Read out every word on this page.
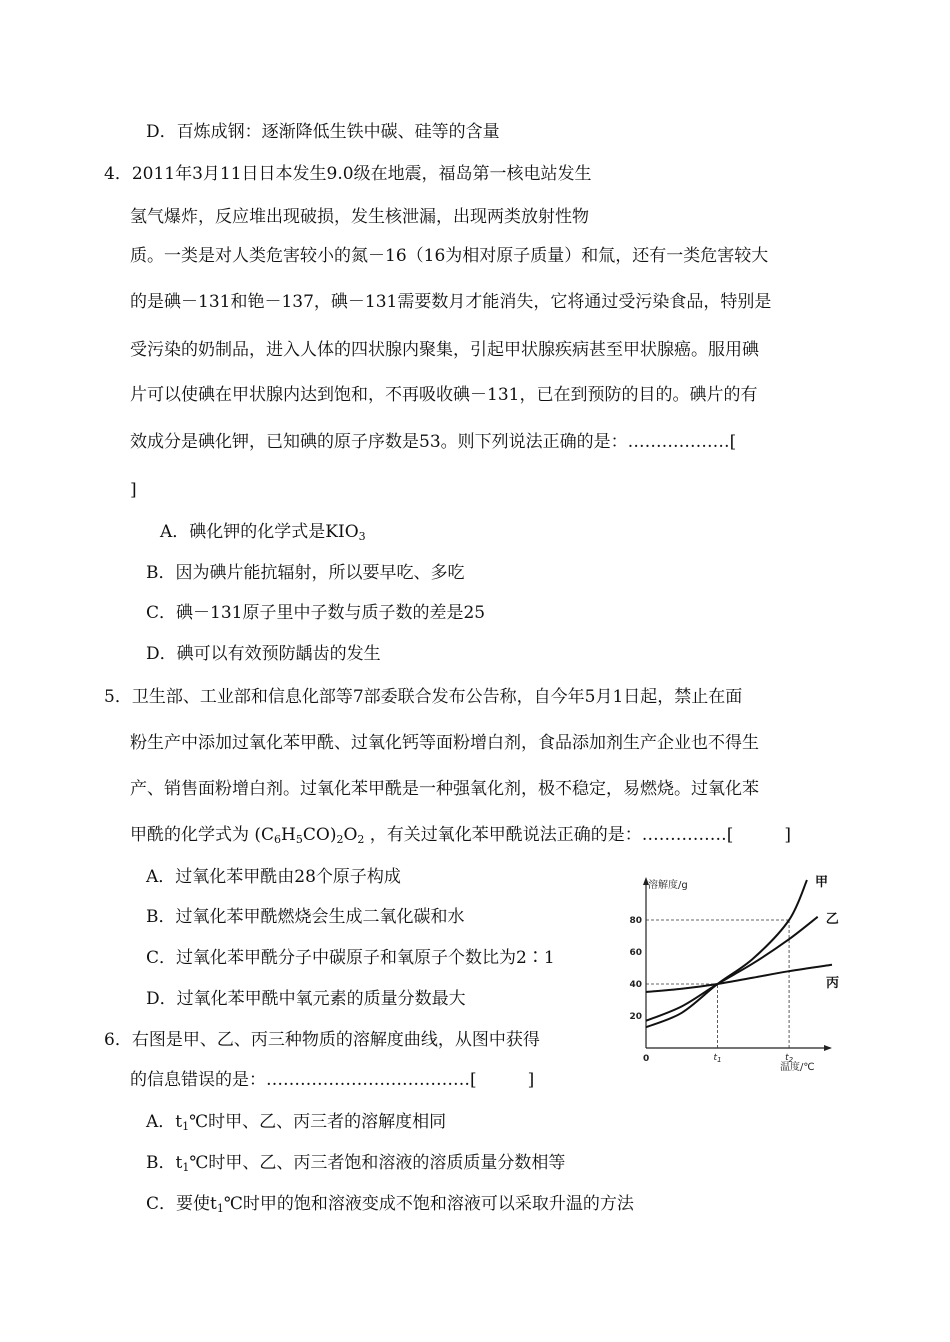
D．百炼成钢：逐渐降低生铁中碳、硅等的含量
4．2011年3月11日日本发生9.0级在地震，福岛第一核电站发生
氢气爆炸，反应堆出现破损，发生核泄漏，出现两类放射性物
质。一类是对人类危害较小的氮－16（16为相对原子质量）和氚，还有一类危害较大
的是碘－131和铯－137，碘－131需要数月才能消失，它将通过受污染食品，特别是
受污染的奶制品，进入人体的四状腺内聚集，引起甲状腺疾病甚至甲状腺癌。服用碘
片可以使碘在甲状腺内达到饱和，不再吸收碘－131，已在到预防的目的。碘片的有
效成分是碘化钾，已知碘的原子序数是53。则下列说法正确的是：………………[
]
A．碘化钾的化学式是$KIO_3$
B．因为碘片能抗辐射，所以要早吃、多吃
C．碘－131原子里中子数与质子数的差是25
D．碘可以有效预防龋齿的发生
5．卫生部、工业部和信息化部等7部委联合发布公告称，自今年5月1日起，禁止在面
粉生产中添加过氧化苯甲酰、过氧化钙等面粉增白剂，食品添加剂生产企业也不得生
产、销售面粉增白剂。过氧化苯甲酰是一种强氧化剂，极不稳定，易燃烧。过氧化苯
甲酰的化学式为 $(C_6H_5CO)_2O_2$ ，有关过氧化苯甲酰说法正确的是：……………[　　　]
A．过氧化苯甲酰由28个原子构成
B．过氧化苯甲酰燃烧会生成二氧化碳和水
C．过氧化苯甲酰分子中碳原子和氧原子个数比为2∶1
D．过氧化苯甲酰中氧元素的质量分数最大
6．右图是甲、乙、丙三种物质的溶解度曲线，从图中获得
的信息错误的是：………………………………[　　　]
A．$t_1℃$时甲、乙、丙三者的溶解度相同
B．$t_1℃$时甲、乙、丙三者饱和溶液的溶质质量分数相等
C．要使$t_1℃$时甲的饱和溶液变成不饱和溶液可以采取升温的方法
溶解度/g
温度/℃
0
20
40
60
80
$t_1$	$t_2$
甲
乙
丙
